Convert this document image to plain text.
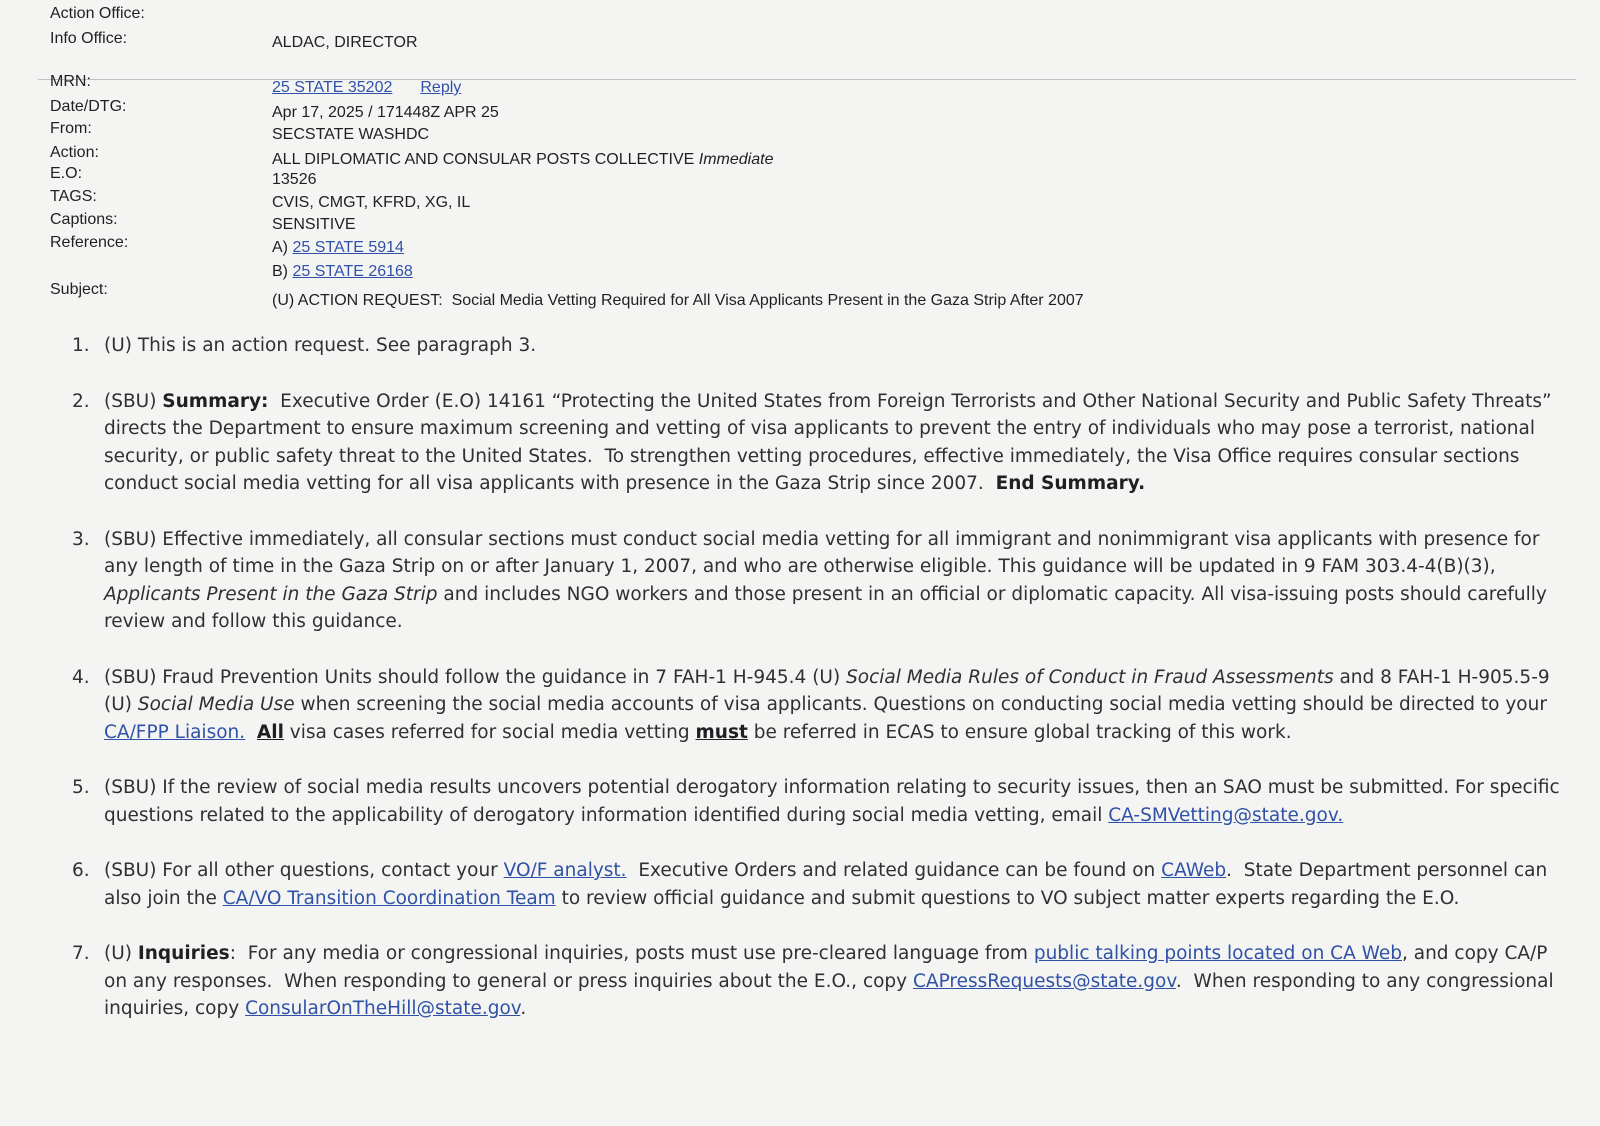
Action Office:
Info Office:	ALDAC, DIRECTOR
MRN:	25 STATE 35202 Reply
Date/DTG:	Apr 17, 2025 / 171448Z APR 25
From:	SECSTATE WASHDC
Action:	ALL DIPLOMATIC AND CONSULAR POSTS COLLECTIVE Immediate
E.O:	13526
TAGS:	CVIS, CMGT, KFRD, XG, IL
Captions:	SENSITIVE
Reference:	A) 25 STATE 5914
B) 25 STATE 26168
Subject:
(U) ACTION REQUEST:  Social Media Vetting Required for All Visa Applicants Present in the Gaza Strip After 2007

1. (U) This is an action request. See paragraph 3.

2. (SBU) Summary:  Executive Order (E.O) 14161 “Protecting the United States from Foreign Terrorists and Other National Security and Public Safety Threats” directs the Department to ensure maximum screening and vetting of visa applicants to prevent the entry of individuals who may pose a terrorist, national security, or public safety threat to the United States.  To strengthen vetting procedures, effective immediately, the Visa Office requires consular sections conduct social media vetting for all visa applicants with presence in the Gaza Strip since 2007.  End Summary.

3. (SBU) Effective immediately, all consular sections must conduct social media vetting for all immigrant and nonimmigrant visa applicants with presence for any length of time in the Gaza Strip on or after January 1, 2007, and who are otherwise eligible. This guidance will be updated in 9 FAM 303.4-4(B)(3), Applicants Present in the Gaza Strip and includes NGO workers and those present in an official or diplomatic capacity. All visa-issuing posts should carefully review and follow this guidance.

4. (SBU) Fraud Prevention Units should follow the guidance in 7 FAH-1 H-945.4 (U) Social Media Rules of Conduct in Fraud Assessments and 8 FAH-1 H-905.5-9 (U) Social Media Use when screening the social media accounts of visa applicants. Questions on conducting social media vetting should be directed to your CA/FPP Liaison. All visa cases referred for social media vetting must be referred in ECAS to ensure global tracking of this work.

5. (SBU) If the review of social media results uncovers potential derogatory information relating to security issues, then an SAO must be submitted. For specific questions related to the applicability of derogatory information identified during social media vetting, email CA-SMVetting@state.gov.

6. (SBU) For all other questions, contact your VO/F analyst.  Executive Orders and related guidance can be found on CAWeb.  State Department personnel can also join the CA/VO Transition Coordination Team to review official guidance and submit questions to VO subject matter experts regarding the E.O.

7. (U) Inquiries:  For any media or congressional inquiries, posts must use pre-cleared language from public talking points located on CA Web, and copy CA/P on any responses.  When responding to general or press inquiries about the E.O., copy CAPressRequests@state.gov.  When responding to any congressional inquiries, copy ConsularOnTheHill@state.gov.
